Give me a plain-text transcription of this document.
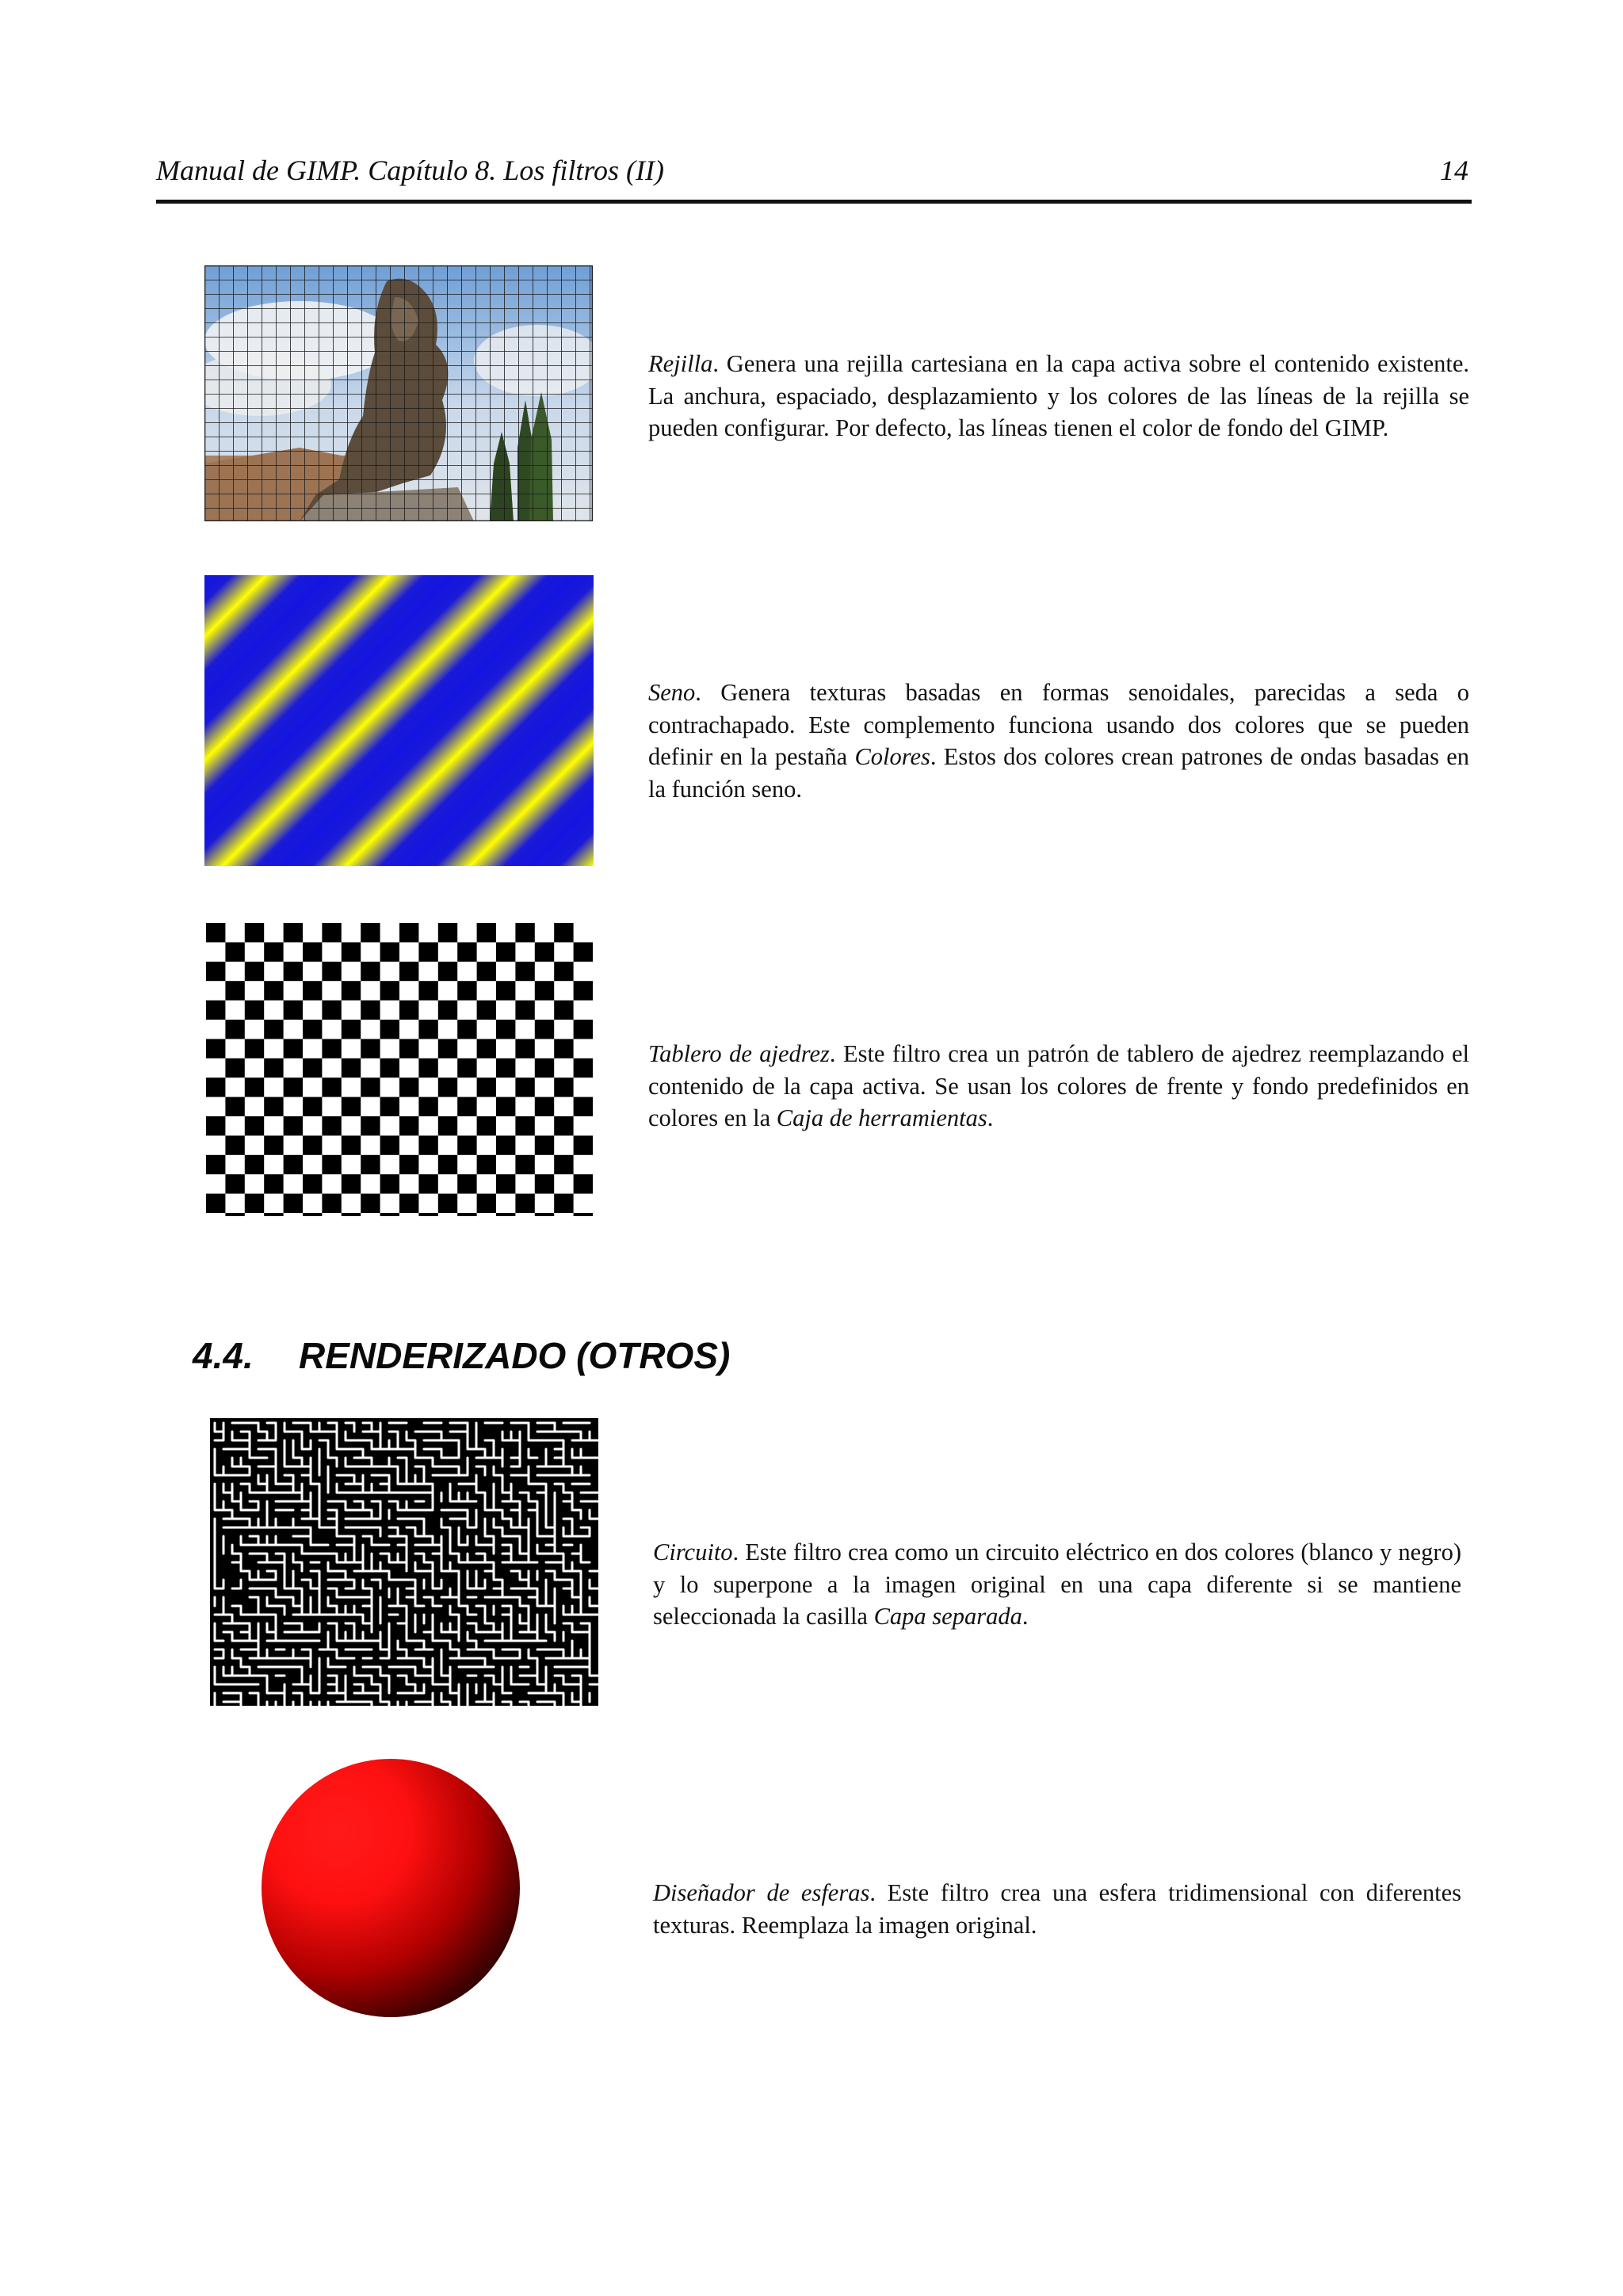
Manual de GIMP. Capítulo 8. Los filtros (II)	14

Rejilla. Genera una rejilla cartesiana en la capa activa sobre el contenido existente. La anchura, espaciado, desplazamiento y los colores de las líneas de la rejilla se pueden configurar. Por defecto, las líneas tienen el color de fondo del GIMP.

Seno. Genera texturas basadas en formas senoidales, parecidas a seda o contrachapado. Este complemento funciona usando dos colores que se pueden definir en la pestaña Colores. Estos dos colores crean patrones de ondas basadas en la función seno.

Tablero de ajedrez. Este filtro crea un patrón de tablero de ajedrez reemplazando el contenido de la capa activa. Se usan los colores de frente y fondo predefinidos en colores en la Caja de herramientas.

4.4. RENDERIZADO (OTROS)

Circuito. Este filtro crea como un circuito eléctrico en dos colores (blanco y negro) y lo superpone a la imagen original en una capa diferente si se mantiene seleccionada la casilla Capa separada.

Diseñador de esferas. Este filtro crea una esfera tridimensional con diferentes texturas. Reemplaza la imagen original.
